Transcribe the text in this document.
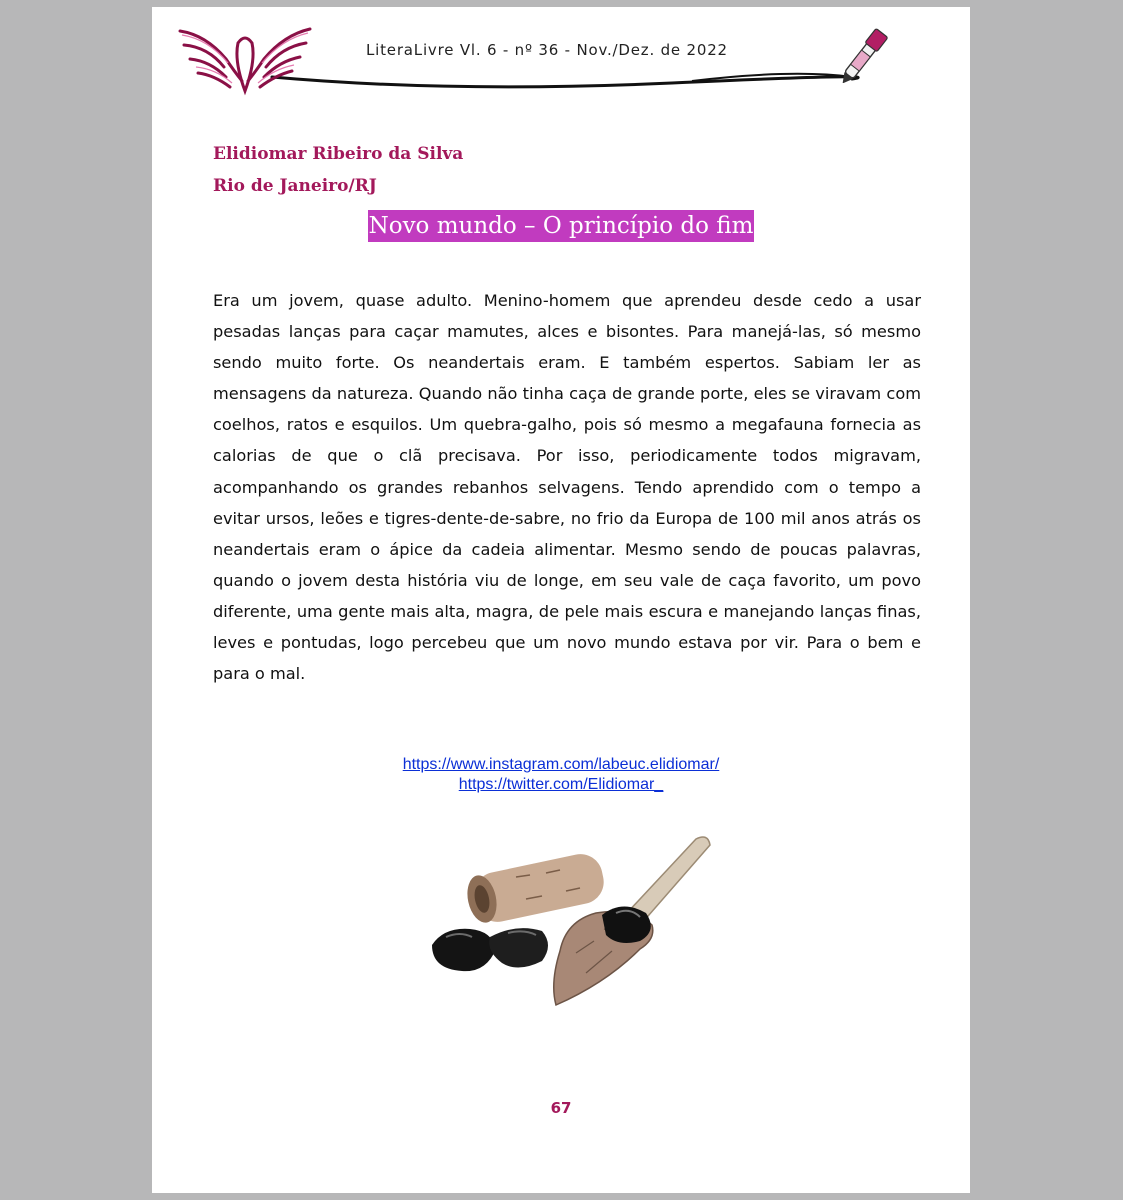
LiteraLivre Vl. 6 - nº 36 - Nov./Dez. de 2022
Elidiomar Ribeiro da Silva
Rio de Janeiro/RJ
Novo mundo – O princípio do fim

Era um jovem, quase adulto. Menino-homem que aprendeu desde cedo a usar pesadas lanças para caçar mamutes, alces e bisontes. Para manejá-las, só mesmo sendo muito forte. Os neandertais eram. E também espertos. Sabiam ler as mensagens da natureza. Quando não tinha caça de grande porte, eles se viravam com coelhos, ratos e esquilos. Um quebra-galho, pois só mesmo a megafauna fornecia as calorias de que o clã precisava. Por isso, periodicamente todos migravam, acompanhando os grandes rebanhos selvagens. Tendo aprendido com o tempo a evitar ursos, leões e tigres-dente-de-sabre, no frio da Europa de 100 mil anos atrás os neandertais eram o ápice da cadeia alimentar. Mesmo sendo de poucas palavras, quando o jovem desta história viu de longe, em seu vale de caça favorito, um povo diferente, uma gente mais alta, magra, de pele mais escura e manejando lanças finas, leves e pontudas, logo percebeu que um novo mundo estava por vir. Para o bem e para o mal.

https://www.instagram.com/labeuc.elidiomar/
https://twitter.com/Elidiomar_
67
